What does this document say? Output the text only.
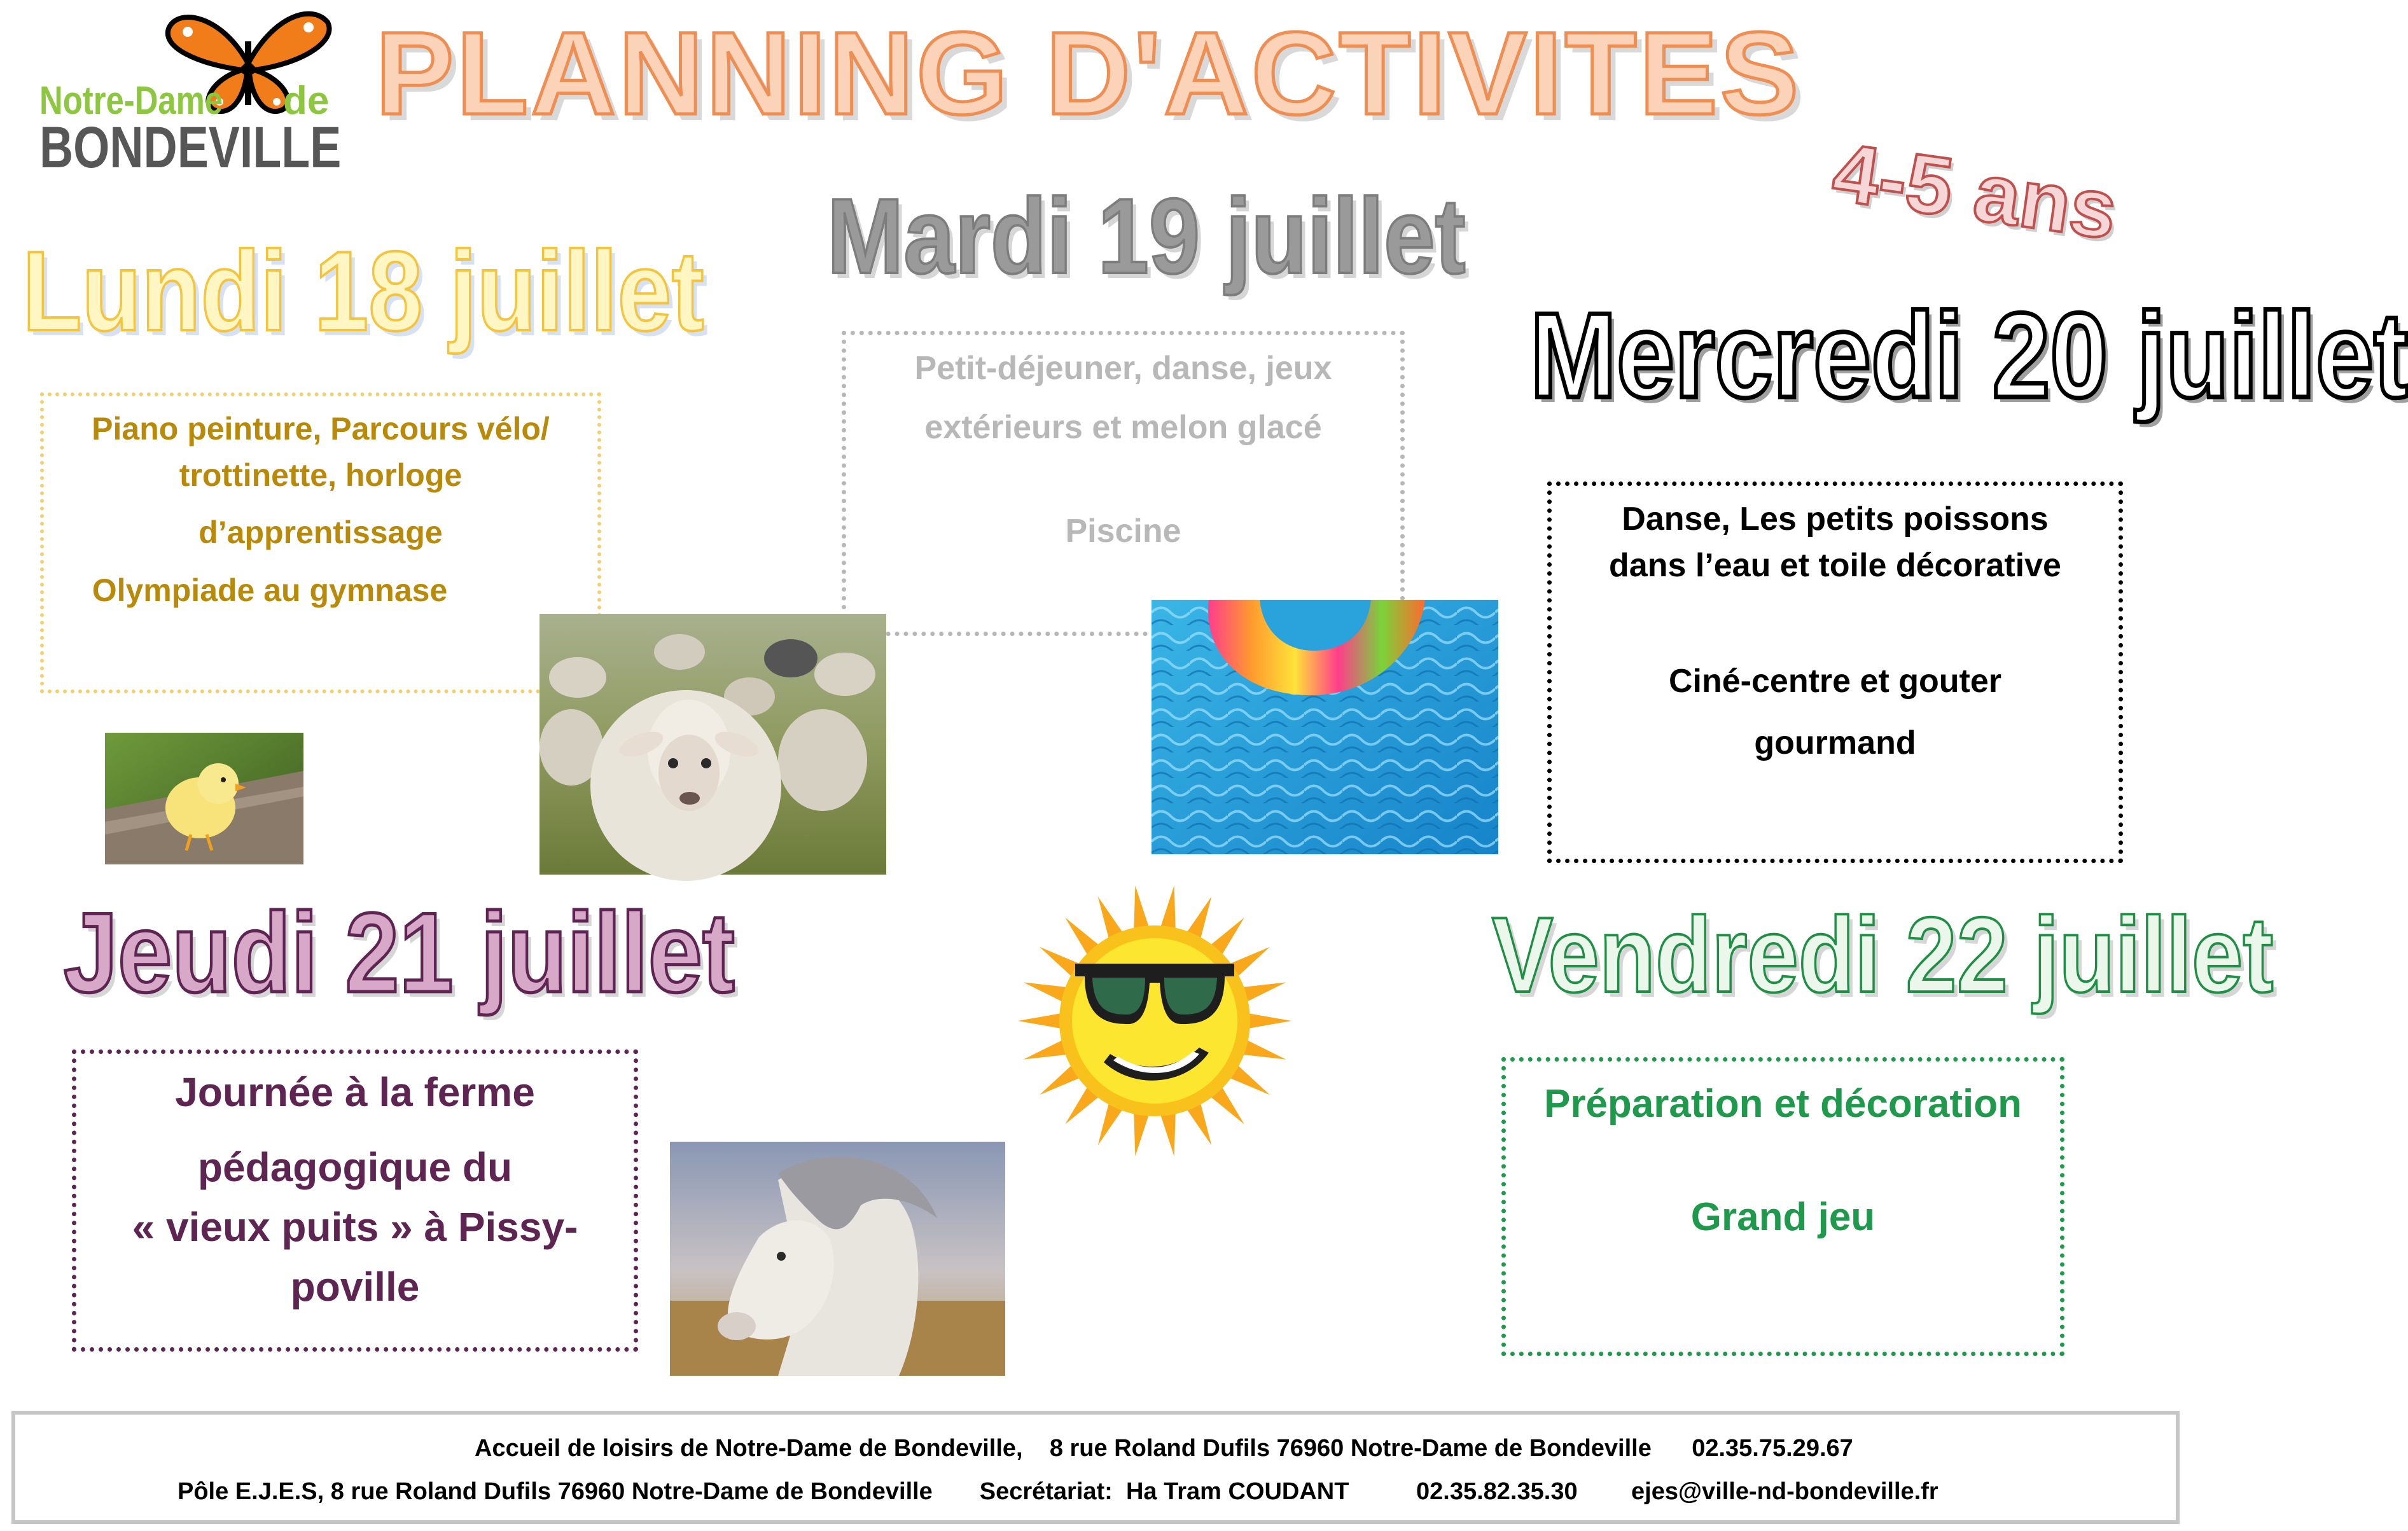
Notre-Dame de
BONDEVILLE
PLANNING D'ACTIVITES
4-5 ans
Lundi 18 juillet Mardi 19 juillet
Mercredi 20 juillet
Jeudi 21 juillet	Vendredi 22 juillet

Piano peinture, Parcours vélo/

trottinette, horloge

d’apprentissage

Olympiade au gymnase

Petit-déjeuner, danse, jeux

extérieurs et melon glacé

Piscine	Danse, Les petits poissons

dans l’eau et toile décorative

Ciné-centre et gouter

gourmand

Journée à la ferme

pédagogique du

« vieux puits » à Pissy-

poville

Préparation et décoration

Grand jeu

Accueil de loisirs de Notre-Dame de Bondeville,    8 rue Roland Dufils 76960 Notre-Dame de Bondeville      02.35.75.29.67
Pôle E.J.E.S, 8 rue Roland Dufils 76960 Notre-Dame de Bondeville       Secrétariat:  Ha Tram COUDANT          02.35.82.35.30        ejes@ville-nd-bondeville.fr
